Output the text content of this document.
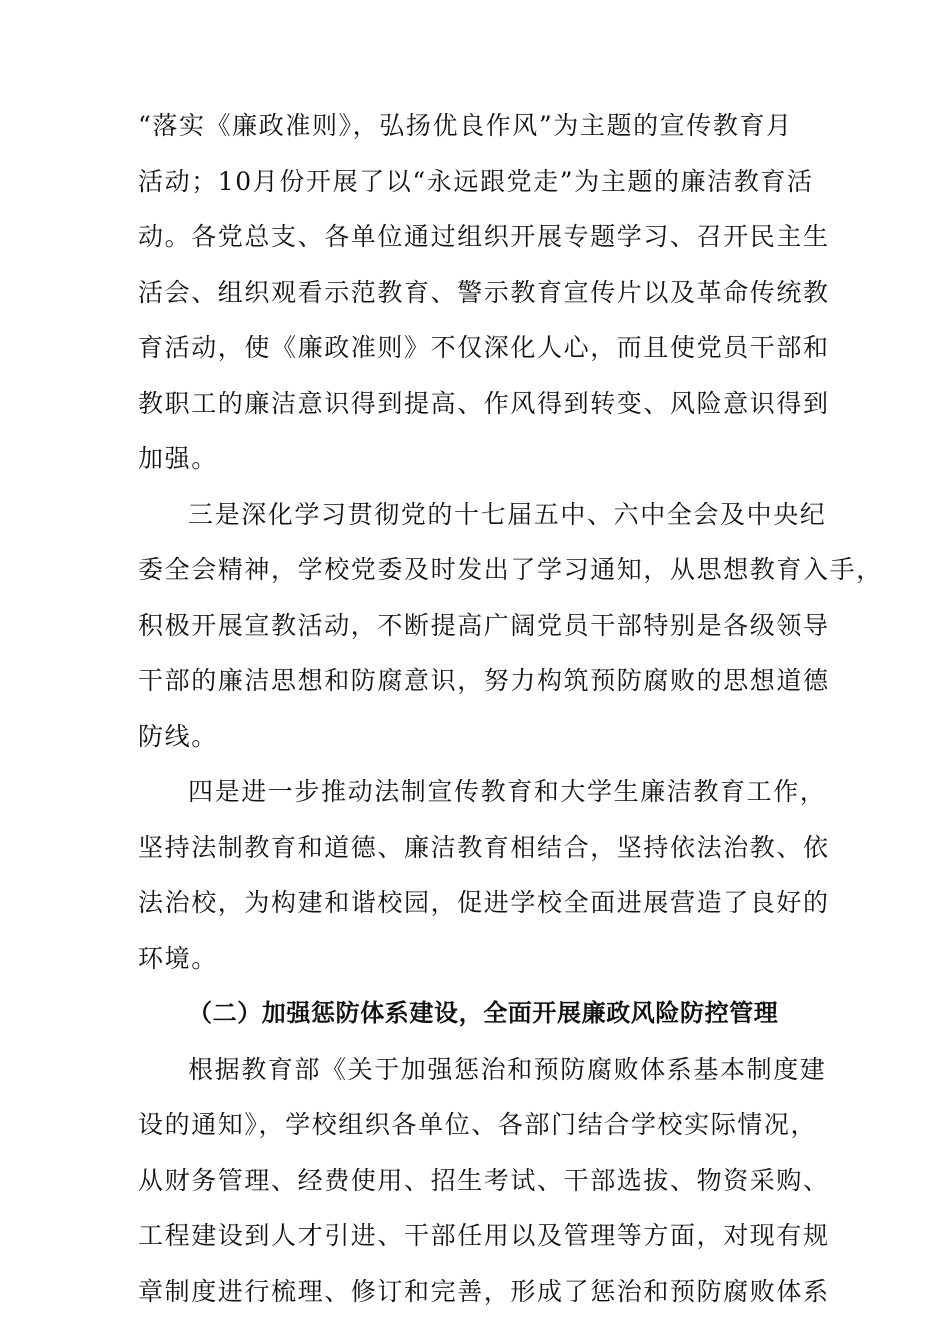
“落实《廉政准则》，弘扬优良作风”为主题的宣传教育月
活动；10月份开展了以“永远跟党走”为主题的廉洁教育活
动。各党总支、各单位通过组织开展专题学习、召开民主生
活会、组织观看示范教育、警示教育宣传片以及革命传统教
育活动，使《廉政准则》不仅深化人心，而且使党员干部和
教职工的廉洁意识得到提高、作风得到转变、风险意识得到
加强。
三是深化学习贯彻党的十七届五中、六中全会及中央纪
委全会精神，学校党委及时发出了学习通知，从思想教育入手，
积极开展宣教活动，不断提高广阔党员干部特别是各级领导
干部的廉洁思想和防腐意识，努力构筑预防腐败的思想道德
防线。
四是进一步推动法制宣传教育和大学生廉洁教育工作，
坚持法制教育和道德、廉洁教育相结合，坚持依法治教、依
法治校，为构建和谐校园，促进学校全面进展营造了良好的
环境。
（二）加强惩防体系建设，全面开展廉政风险防控管理
根据教育部《关于加强惩治和预防腐败体系基本制度建
设的通知》，学校组织各单位、各部门结合学校实际情况，
从财务管理、经费使用、招生考试、干部选拔、物资采购、
工程建设到人才引进、干部任用以及管理等方面，对现有规
章制度进行梳理、修订和完善，形成了惩治和预防腐败体系
